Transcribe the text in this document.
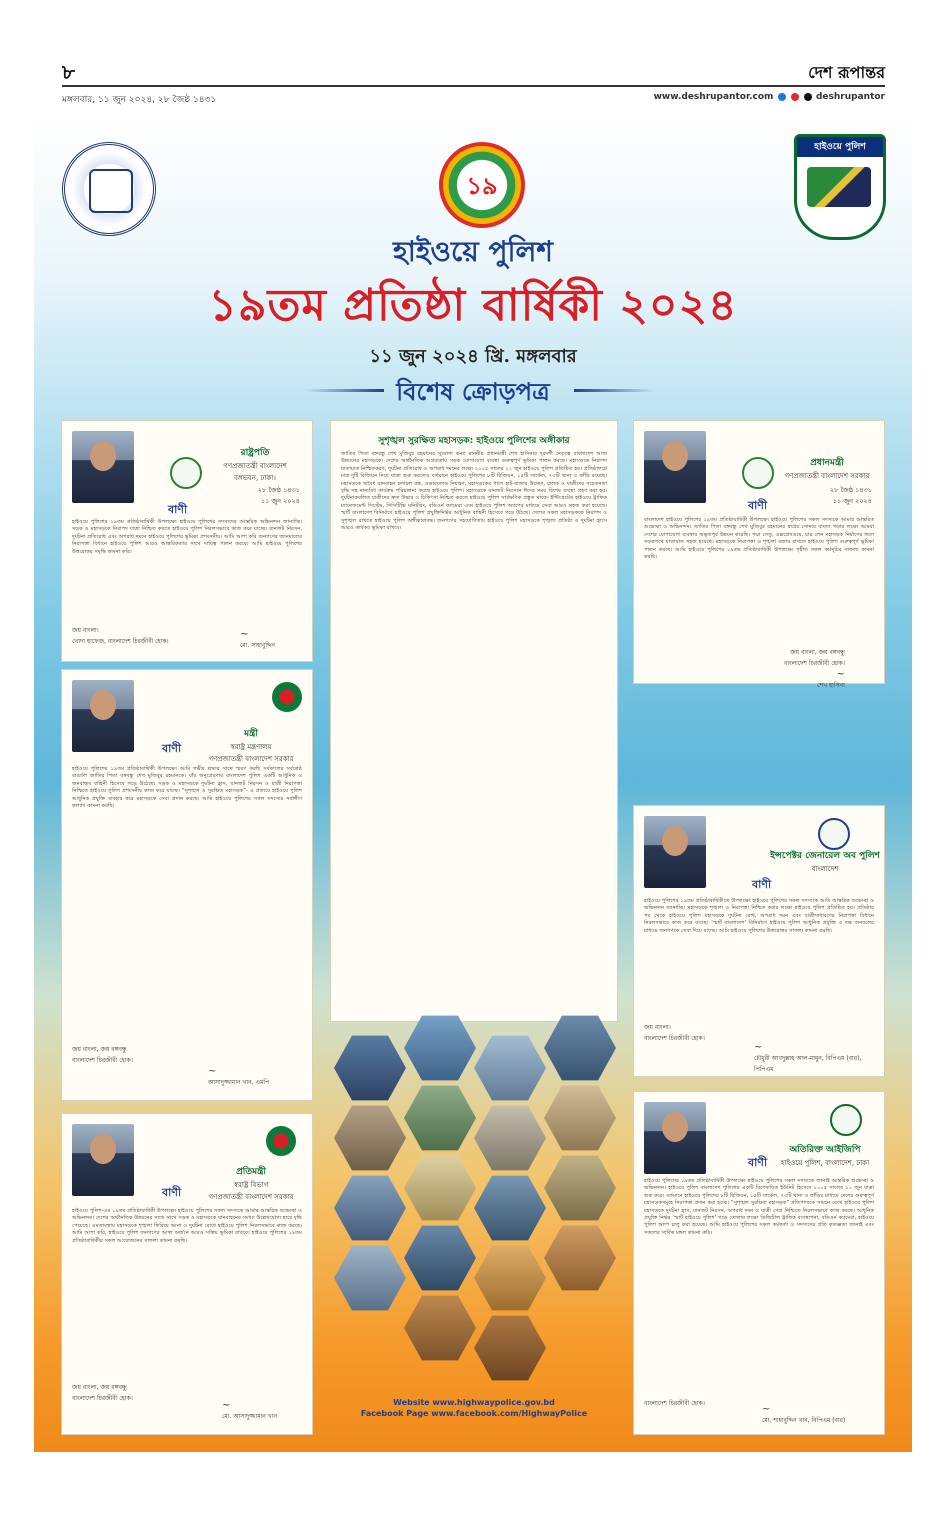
৮	দেশ রূপান্তর
মঙ্গলবার, ১১ জুন ২০২৪, ২৮ জৈষ্ঠ ১৪৩১	www.deshrupantor.com	deshrupantor
হাইওয়ে পুলিশ
১৯
হাইওয়ে পুলিশ
১৯তম প্রতিষ্ঠা বার্ষিকী ২০২৪
১১ জুন ২০২৪ খ্রি. মঙ্গলবার
বিশেষ ক্রোড়পত্র
রাষ্ট্রপতি
গণপ্রজাতন্ত্রী বাংলাদেশ
বঙ্গভবন, ঢাকা।
২৮ জৈষ্ঠ ১৪৩১
১১ জুন ২০২৪
বাণী
হাইওয়ে পুলিশের ১৯তম প্রতিষ্ঠাবার্ষিকী উপলক্ষ্যে হাইওয়ে পুলিশের সদস্যদের আন্তরিক অভিনন্দন জানাচ্ছি। সড়ক ও মহাসড়কে নিরাপদ যাত্রা নিশ্চিত করতে হাইওয়ে পুলিশ নিরলসভাবে কাজ করে যাচ্ছে। যানজট নিরসন, দুর্ঘটনা প্রতিরোধ এবং অপরাধ দমনে হাইওয়ে পুলিশের ভূমিকা প্রশংসনীয়। আমি আশা করি জনগণের জানমালের নিরাপত্তা বিধানে হাইওয়ে পুলিশ আরও আন্তরিকতার সাথে দায়িত্ব পালন করবে। আমি হাইওয়ে পুলিশের উত্তরোত্তর সমৃদ্ধি কামনা করি।
জয় বাংলা।
খোদা হাফেজ, বাংলাদেশ চিরজীবী হোক।
~
মো. সাহাবুদ্দিন
প্রধানমন্ত্রী
গণপ্রজাতন্ত্রী বাংলাদেশ সরকার
২৮ জৈষ্ঠ ১৪৩১
১১ জুন ২০২৪
বাণী
বাংলাদেশ হাইওয়ে পুলিশের ১৯তম প্রতিষ্ঠাবার্ষিকী উপলক্ষ্যে হাইওয়ে পুলিশের সকল সদস্যকে আমার আন্তরিক শুভেচ্ছা ও অভিনন্দন। জাতির পিতা বঙ্গবন্ধু শেখ মুজিবুর রহমানের স্বপ্নের সোনার বাংলা গড়ার লক্ষ্যে আমরা দেশের যোগাযোগ ব্যবস্থার অভূতপূর্ব উন্নয়ন করেছি। পদ্মা সেতু, এক্সপ্রেসওয়ে, চার লেন মহাসড়ক নির্মাণের ফলে সড়কপথে যাতায়াত সহজ হয়েছে। মহাসড়কে নিরাপত্তা ও শৃঙ্খলা বজায় রাখতে হাইওয়ে পুলিশ গুরুত্বপূর্ণ ভূমিকা পালন করছে। আমি হাইওয়ে পুলিশের ১৯তম প্রতিষ্ঠাবার্ষিকী উপলক্ষ্যে গৃহীত সকল কর্মসূচির সাফল্য কামনা করছি।
জয় বাংলা, জয় বঙ্গবন্ধু
বাংলাদেশ চিরজীবী হোক।
~
শেখ হাসিনা
মন্ত্রী
স্বরাষ্ট্র মন্ত্রণালয়
গণপ্রজাতন্ত্রী বাংলাদেশ সরকার
বাণী
হাইওয়ে পুলিশের ১৯তম প্রতিষ্ঠাবার্ষিকী উপলক্ষ্যে আমি গভীর শ্রদ্ধার সাথে স্মরণ করছি সর্বকালের সর্বশ্রেষ্ঠ বাঙালি জাতির পিতা বঙ্গবন্ধু শেখ মুজিবুর রহমানকে। যাঁর অনুপ্রেরণায় বাংলাদেশ পুলিশ একটি আধুনিক ও জনবান্ধব বাহিনী হিসেবে গড়ে উঠেছে। সড়ক ও মহাসড়কে দুর্ঘটনা হ্রাস, যানজট নিরসন ও যাত্রী নিরাপত্তা নিশ্চিতে হাইওয়ে পুলিশ প্রশংসনীয় কাজ করে যাচ্ছে। “সুশৃঙ্খল ও সুরক্ষিত মহাসড়ক”- এ প্রত্যয়ে হাইওয়ে পুলিশ আধুনিক প্রযুক্তি ব্যবহার করে মহাসড়কে সেবা প্রদান করছে। আমি হাইওয়ে পুলিশের সকল সদস্যের সর্বাঙ্গীণ কল্যাণ কামনা করছি।
জয় বাংলা, জয় বঙ্গবন্ধু
বাংলাদেশ চিরজীবী হোক।
~
আসাদুজ্জামান খান, এমপি
ইন্সপেক্টর জেনারেল অব পুলিশ
বাংলাদেশ
বাণী
হাইওয়ে পুলিশের ১৯তম প্রতিষ্ঠাবার্ষিকীতে উপলক্ষ্যে হাইওয়ে পুলিশের সকল সদস্যকে আমি আন্তরিক শুভেচ্ছা ও অভিনন্দন জানাচ্ছি। মহাসড়কে শৃঙ্খলা ও নিরাপত্তা নিশ্চিত করার লক্ষ্যে হাইওয়ে পুলিশ প্রতিষ্ঠিত হয়। প্রতিষ্ঠার পর থেকে হাইওয়ে পুলিশ মহাসড়কে দুর্ঘটনা রোধ, অপরাধ দমন এবং যাত্রীসাধারণের নিরাপত্তা বিধানে নিরলসভাবে কাজ করে যাচ্ছে। ‘স্মার্ট বাংলাদেশ’ বিনির্মাণে হাইওয়ে পুলিশ আধুনিক প্রযুক্তি ও দক্ষ জনবলের মাধ্যমে জনগণকে সেবা দিয়ে যাচ্ছে। আমি হাইওয়ে পুলিশের উত্তরোত্তর সাফল্য কামনা করছি।
জয় বাংলা।
বাংলাদেশ চিরজীবী হোক।
~
চৌধুরী আবদুল্লাহ আল-মামুন, বিপিএম (বার), পিপিএম
প্রতিমন্ত্রী
স্বরাষ্ট্র বিভাগ
গণপ্রজাতন্ত্রী বাংলাদেশ সরকার
বাণী
হাইওয়ে পুলিশ-এর ১৯তম প্রতিষ্ঠাবার্ষিকী উপলক্ষ্যে হাইওয়ে পুলিশের সকল সদস্যকে আমার আন্তরিক শুভেচ্ছা ও অভিনন্দন। দেশের অর্থনৈতিক উন্নয়নের সাথে সাথে সড়ক ও মহাসড়কে যানবাহনের সংখ্যা উল্লেখযোগ্য হারে বৃদ্ধি পেয়েছে। এমতাবস্থায় মহাসড়কে শৃঙ্খলা ফিরিয়ে আনা ও দুর্ঘটনা রোধে হাইওয়ে পুলিশ নিরলসভাবে কাজ করছে। আমি আশা করি, হাইওয়ে পুলিশ জনগণের আস্থা অর্জনে আরও সক্রিয় ভূমিকা রাখবে। হাইওয়ে পুলিশের ১৯তম প্রতিষ্ঠাবার্ষিকীর সকল আয়োজনের সাফল্য কামনা করছি।
জয় বাংলা, জয় বঙ্গবন্ধু
বাংলাদেশ চিরজীবী হোক।
~
মো. আসাদুজ্জামান খান
অতিরিক্ত আইজিপি
হাইওয়ে পুলিশ, বাংলাদেশ, ঢাকা
বাণী
হাইওয়ে পুলিশের ১৯তম প্রতিষ্ঠাবার্ষিকী উপলক্ষ্যে হাইওয়ে পুলিশের সকল সদস্যকে জানাই আন্তরিক শুভেচ্ছা ও অভিনন্দন। হাইওয়ে পুলিশ বাংলাদেশ পুলিশের একটি বিশেষায়িত ইউনিট হিসেবে ২০০৫ সালের ১১ জুন যাত্রা শুরু করে। বর্তমানে হাইওয়ে পুলিশের ৮টি রিজিয়ন, ১৫টি সার্কেল, ৭৩টি থানা ও ফাঁড়ির মাধ্যমে দেশের গুরুত্বপূর্ণ মহাসড়কসমূহে নিরাপত্তা প্রদান করা হচ্ছে। “সুশৃঙ্খল সুরক্ষিত মহাসড়ক” প্রতিপাদ্যকে সামনে রেখে হাইওয়ে পুলিশ মহাসড়কে দুর্ঘটনা হ্রাস, যানজট নিরসন, অপরাধ দমন ও যাত্রী সেবা নিশ্চিতে নিরলসভাবে কাজ করছে। আধুনিক প্রযুক্তি নির্ভর ‘স্মার্ট হাইওয়ে পুলিশ’ গড়ে তোলার লক্ষ্যে ডিজিটাল ট্রাফিক ব্যবস্থাপনা, বডিওর্ন ক্যামেরা, হাইওয়ে পুলিশ অ্যাপ চালু করা হয়েছে। আমি হাইওয়ে পুলিশের সকল কর্মকর্তা ও সদস্যদের প্রতি কৃতজ্ঞতা জানাই এবং সকলের সার্বিক মঙ্গল কামনা করি।
বাংলাদেশ চিরজীবী হোক।
~
মো. শাহাবুদ্দিন খান, বিপিএম (বার)
সুশৃঙ্খল সুরক্ষিত মহাসড়ক: হাইওয়ে পুলিশের অঙ্গীকার
জাতির পিতা বঙ্গবন্ধু শেখ মুজিবুর রহমানের সুযোগ্য কন্যা মাননীয় প্রধানমন্ত্রী শেখ হাসিনার দূরদর্শী নেতৃত্বে বাংলাদেশ আজ উন্নয়নের মহাসড়কে। দেশের অর্থনৈতিক অগ্রযাত্রায় সড়ক যোগাযোগ ব্যবস্থা গুরুত্বপূর্ণ ভূমিকা পালন করছে। মহাসড়কে নিরাপদ যাতায়াত নিশ্চিতকরণ, দুর্ঘটনা প্রতিরোধ ও অপরাধ দমনের লক্ষ্যে ২০০৫ সালের ১১ জুন হাইওয়ে পুলিশ প্রতিষ্ঠিত হয়। প্রতিষ্ঠালগ্নে মাত্র দুটি রিজিয়ন নিয়ে যাত্রা শুরু করলেও বর্তমানে হাইওয়ে পুলিশের ৮টি রিজিয়ন, ১৫টি সার্কেল, ৭৩টি থানা ও ফাঁড়ি রয়েছে। মহাসড়কে অবৈধ যানবাহন চলাচল বন্ধ, ওভারলোড নিয়ন্ত্রণ, মহাসড়কের পাশে হাট-বাজার উচ্ছেদ, চালক ও যাত্রীদের সচেতনতা বৃদ্ধি সহ নানাবিধ কার্যক্রম পরিচালনা করছে হাইওয়ে পুলিশ। মহাসড়কে যানজট নিরসনে ঈদের সময় বিশেষ ব্যবস্থা গ্রহণ করা হয়। দুর্ঘটনাকবলিত যাত্রীদের দ্রুত উদ্ধার ও চিকিৎসা নিশ্চিত করতে হাইওয়ে পুলিশ সার্বক্ষণিক প্রস্তুত থাকে। ইন্টিগ্রেটেড হাইওয়ে ট্রাফিক ম্যানেজমেন্ট সিস্টেম, সিসিটিভি মনিটরিং, বডিওর্ন ক্যামেরা এবং হাইওয়ে পুলিশ অ্যাপের মাধ্যমে সেবা আরও সহজ করা হয়েছে। স্মার্ট বাংলাদেশ বিনির্মাণে হাইওয়ে পুলিশ প্রযুক্তিনির্ভর আধুনিক বাহিনী হিসেবে গড়ে উঠছে। দেশের সকল মহাসড়ককে নিরাপদ ও সুশৃঙ্খল রাখতে হাইওয়ে পুলিশ অঙ্গীকারাবদ্ধ। জনগণের সহযোগিতায় হাইওয়ে পুলিশ মহাসড়কে শৃঙ্খলা প্রতিষ্ঠা ও দুর্ঘটনা হ্রাসে আরও কার্যকর ভূমিকা রাখবে।
Website www.highwaypolice.gov.bd
Facebook Page www.facebook.com/HighwayPolice
